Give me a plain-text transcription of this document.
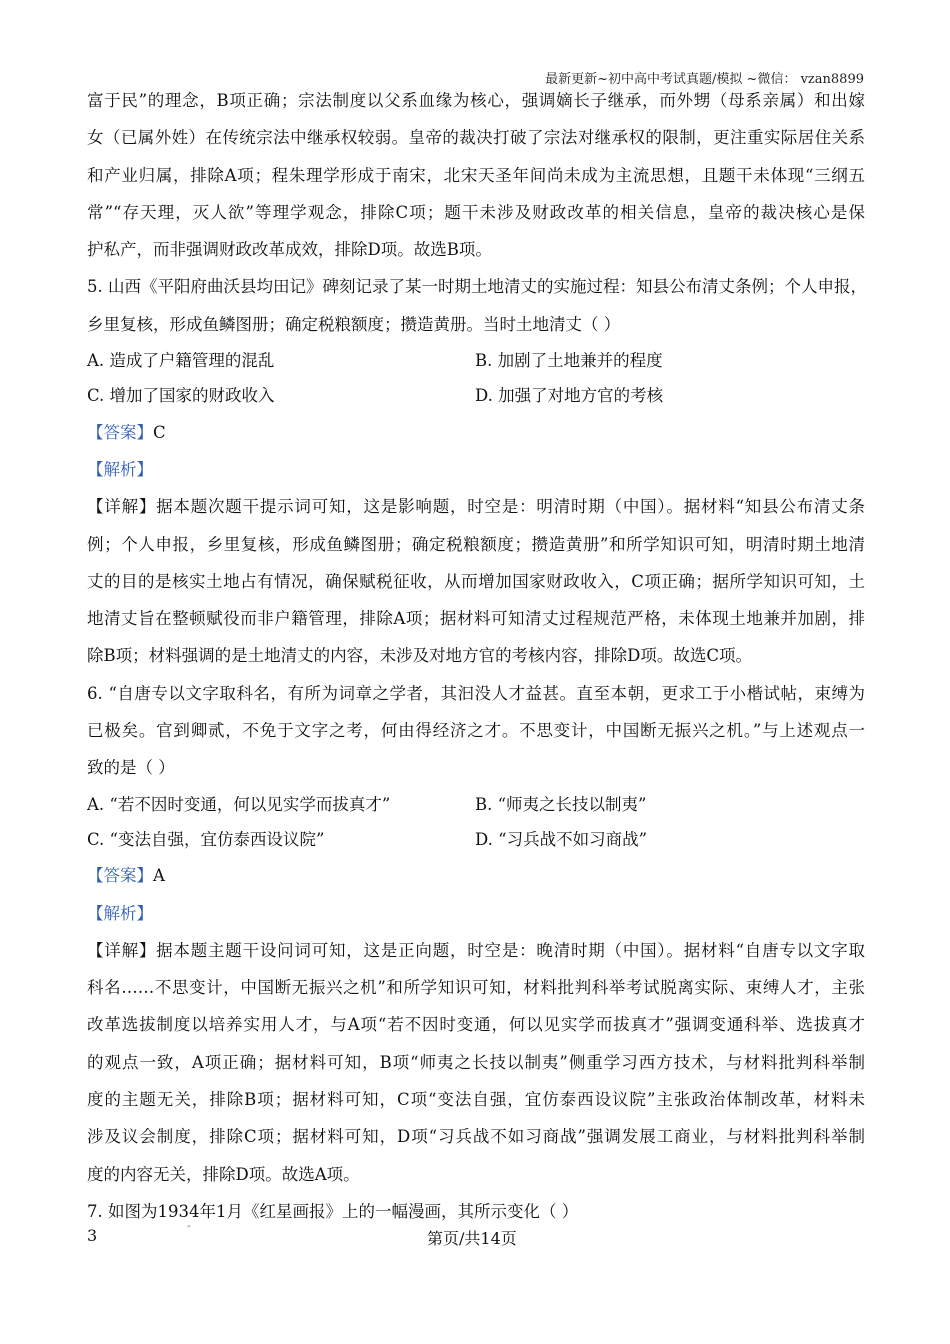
最新更新~初中高中考试真题/模拟 ~微信： vzan8899
富于民”的理念，B项正确；宗法制度以父系血缘为核心，强调嫡长子继承，而外甥（母系亲属）和出嫁
女（已属外姓）在传统宗法中继承权较弱。皇帝的裁决打破了宗法对继承权的限制，更注重实际居住关系
和产业归属，排除A项；程朱理学形成于南宋，北宋天圣年间尚未成为主流思想，且题干未体现“三纲五
常”“存天理，灭人欲”等理学观念，排除C项；题干未涉及财政改革的相关信息，皇帝的裁决核心是保
护私产，而非强调财政改革成效，排除D项。故选B项。
5. 山西《平阳府曲沃县均田记》碑刻记录了某一时期土地清丈的实施过程：知县公布清丈条例；个人申报，
乡里复核，形成鱼鳞图册；确定税粮额度；攒造黄册。当时土地清丈（ ）
A. 造成了户籍管理的混乱	B. 加剧了土地兼并的程度
C. 增加了国家的财政收入	D. 加强了对地方官的考核
【答案】C
【解析】
【详解】据本题次题干提示词可知，这是影响题，时空是：明清时期（中国）。据材料“知县公布清丈条
例；个人申报，乡里复核，形成鱼鳞图册；确定税粮额度；攒造黄册”和所学知识可知，明清时期土地清
丈的目的是核实土地占有情况，确保赋税征收，从而增加国家财政收入，C项正确；据所学知识可知，土
地清丈旨在整顿赋役而非户籍管理，排除A项；据材料可知清丈过程规范严格，未体现土地兼并加剧，排
除B项；材料强调的是土地清丈的内容，未涉及对地方官的考核内容，排除D项。故选C项。
6. “自唐专以文字取科名，有所为词章之学者，其汩没人才益甚。直至本朝，更求工于小楷试帖，束缚为
已极矣。官到卿贰，不免于文字之考，何由得经济之才。不思变计，中国断无振兴之机。”与上述观点一
致的是（ ）
A. “若不因时变通，何以见实学而拔真才”	B. “师夷之长技以制夷”
C. “变法自强，宜仿泰西设议院”	D. “习兵战不如习商战”
【答案】A
【解析】
【详解】据本题主题干设问词可知，这是正向题，时空是：晚清时期（中国）。据材料“自唐专以文字取
科名……不思变计，中国断无振兴之机”和所学知识可知，材料批判科举考试脱离实际、束缚人才，主张
改革选拔制度以培养实用人才，与A项“若不因时变通，何以见实学而拔真才”强调变通科举、选拔真才
的观点一致，A项正确；据材料可知，B项“师夷之长技以制夷”侧重学习西方技术，与材料批判科举制
度的主题无关，排除B项；据材料可知，C项“变法自强，宜仿泰西设议院”主张政治体制改革，材料未
涉及议会制度，排除C项；据材料可知，D项“习兵战不如习商战”强调发展工商业，与材料批判科举制
度的内容无关，排除D项。故选A项。
7. 如图为1934年1月《红星画报》上的一幅漫画，其所示变化（ ）
3	"
第页/共14页
